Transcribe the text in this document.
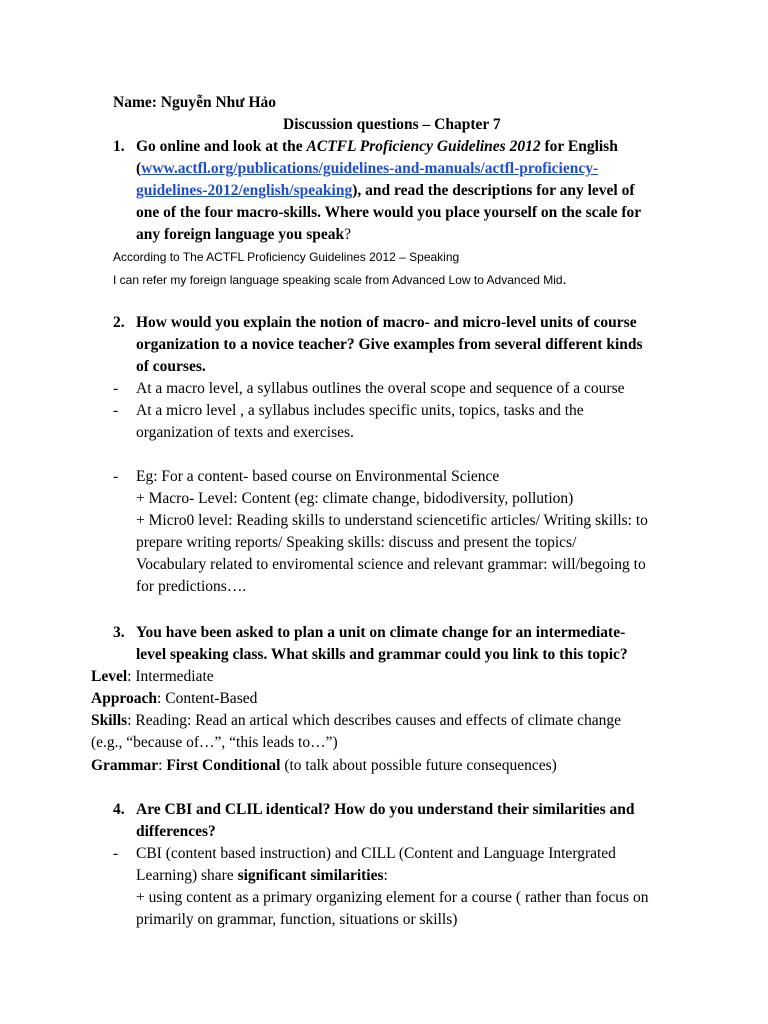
Name: Nguyễn Như Hảo
Discussion questions – Chapter 7
1. Go online and look at the ACTFL Proficiency Guidelines 2012 for English
(www.actfl.org/publications/guidelines-and-manuals/actfl-proficiency-
guidelines-2012/english/speaking), and read the descriptions for any level of
one of the four macro-skills. Where would you place yourself on the scale for
any foreign language you speak?
According to The ACTFL Proficiency Guidelines 2012 – Speaking
I can refer my foreign language speaking scale from Advanced Low to Advanced Mid.
2. How would you explain the notion of macro- and micro-level units of course
organization to a novice teacher? Give examples from several different kinds
of courses.
- At a macro level, a syllabus outlines the overal scope and sequence of a course
- At a micro level , a syllabus includes specific units, topics, tasks and the
organization of texts and exercises.
- Eg: For a content- based course on Environmental Science
+ Macro- Level: Content (eg: climate change, bidodiversity, pollution)
+ Micro0 level: Reading skills to understand sciencetific articles/ Writing skills: to
prepare writing reports/ Speaking skills: discuss and present the topics/
Vocabulary related to enviromental science and relevant grammar: will/begoing to
for predictions….
3. You have been asked to plan a unit on climate change for an intermediate-
level speaking class. What skills and grammar could you link to this topic?
Level: Intermediate
Approach: Content-Based
Skills: Reading: Read an artical which describes causes and effects of climate change
(e.g., “because of…”, “this leads to…”)
Grammar: First Conditional (to talk about possible future consequences)
4. Are CBI and CLIL identical? How do you understand their similarities and
differences?
- CBI (content based instruction) and CILL (Content and Language Intergrated
Learning) share significant similarities:
+ using content as a primary organizing element for a course ( rather than focus on
primarily on grammar, function, situations or skills)
